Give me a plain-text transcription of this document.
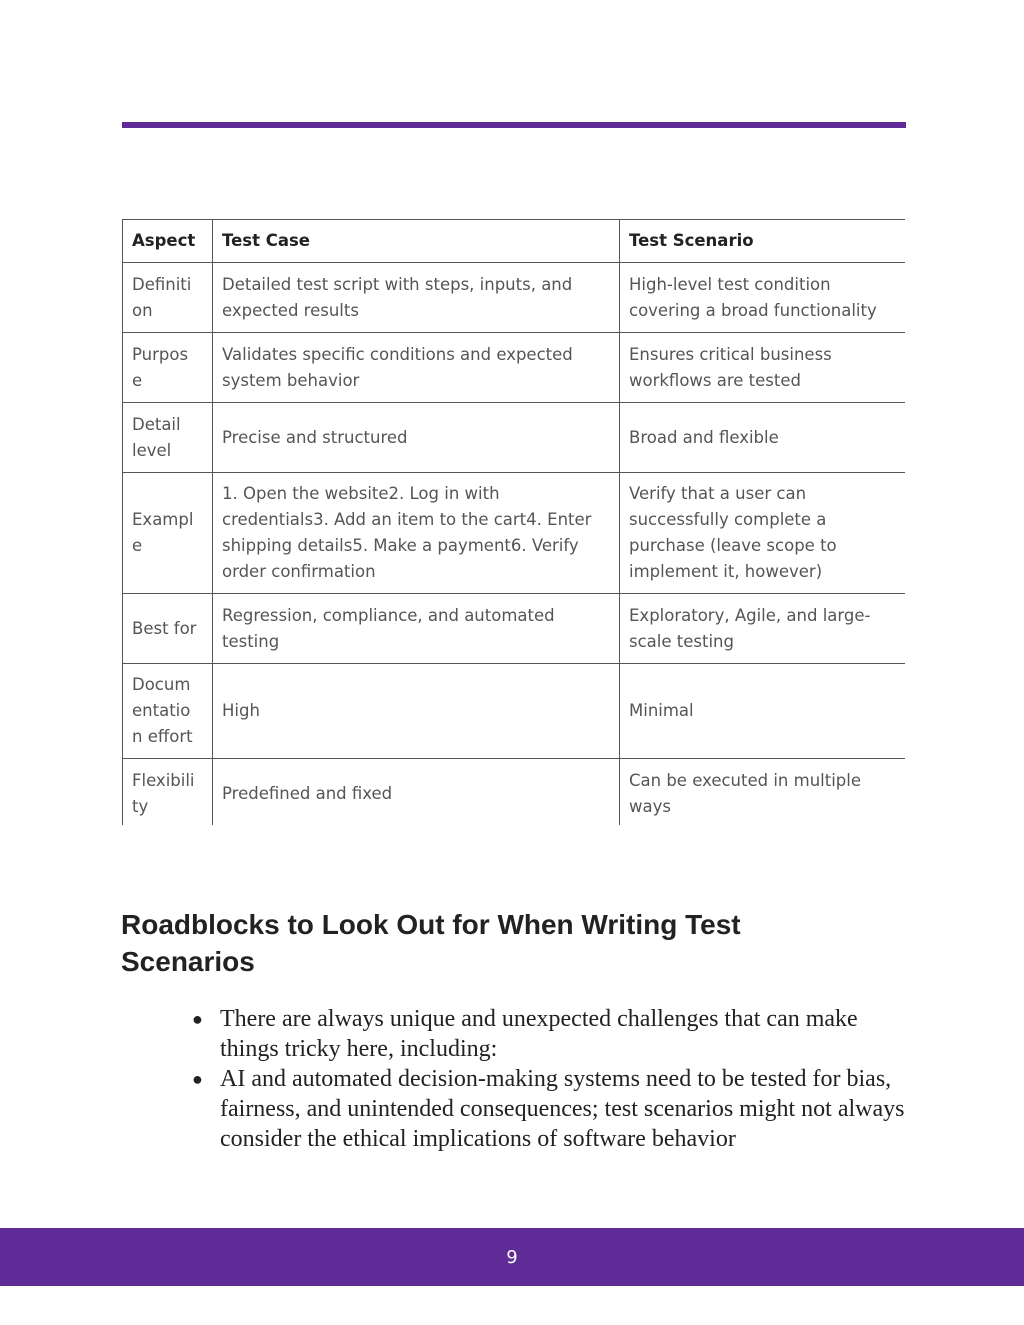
Aspect	Test Case	Test Scenario
Definiti on	Detailed test script with steps, inputs, and expected results	High-level test condition covering a broad functionality
Purpos e	Validates specific conditions and expected system behavior	Ensures critical business workflows are tested
Detail level	Precise and structured	Broad and flexible
Exampl e	1. Open the website2. Log in with credentials3. Add an item to the cart4. Enter shipping details5. Make a payment6. Verify order confirmation	Verify that a user can successfully complete a purchase (leave scope to implement it, however)
Best for	Regression, compliance, and automated testing	Exploratory, Agile, and large-scale testing
Docum entatio n effort	High	Minimal
Flexibili ty	Predefined and fixed	Can be executed in multiple ways
Roadblocks to Look Out for When Writing Test Scenarios
● There are always unique and unexpected challenges that can make things tricky here, including:
● AI and automated decision-making systems need to be tested for bias, fairness, and unintended consequences; test scenarios might not always consider the ethical implications of software behavior
9
